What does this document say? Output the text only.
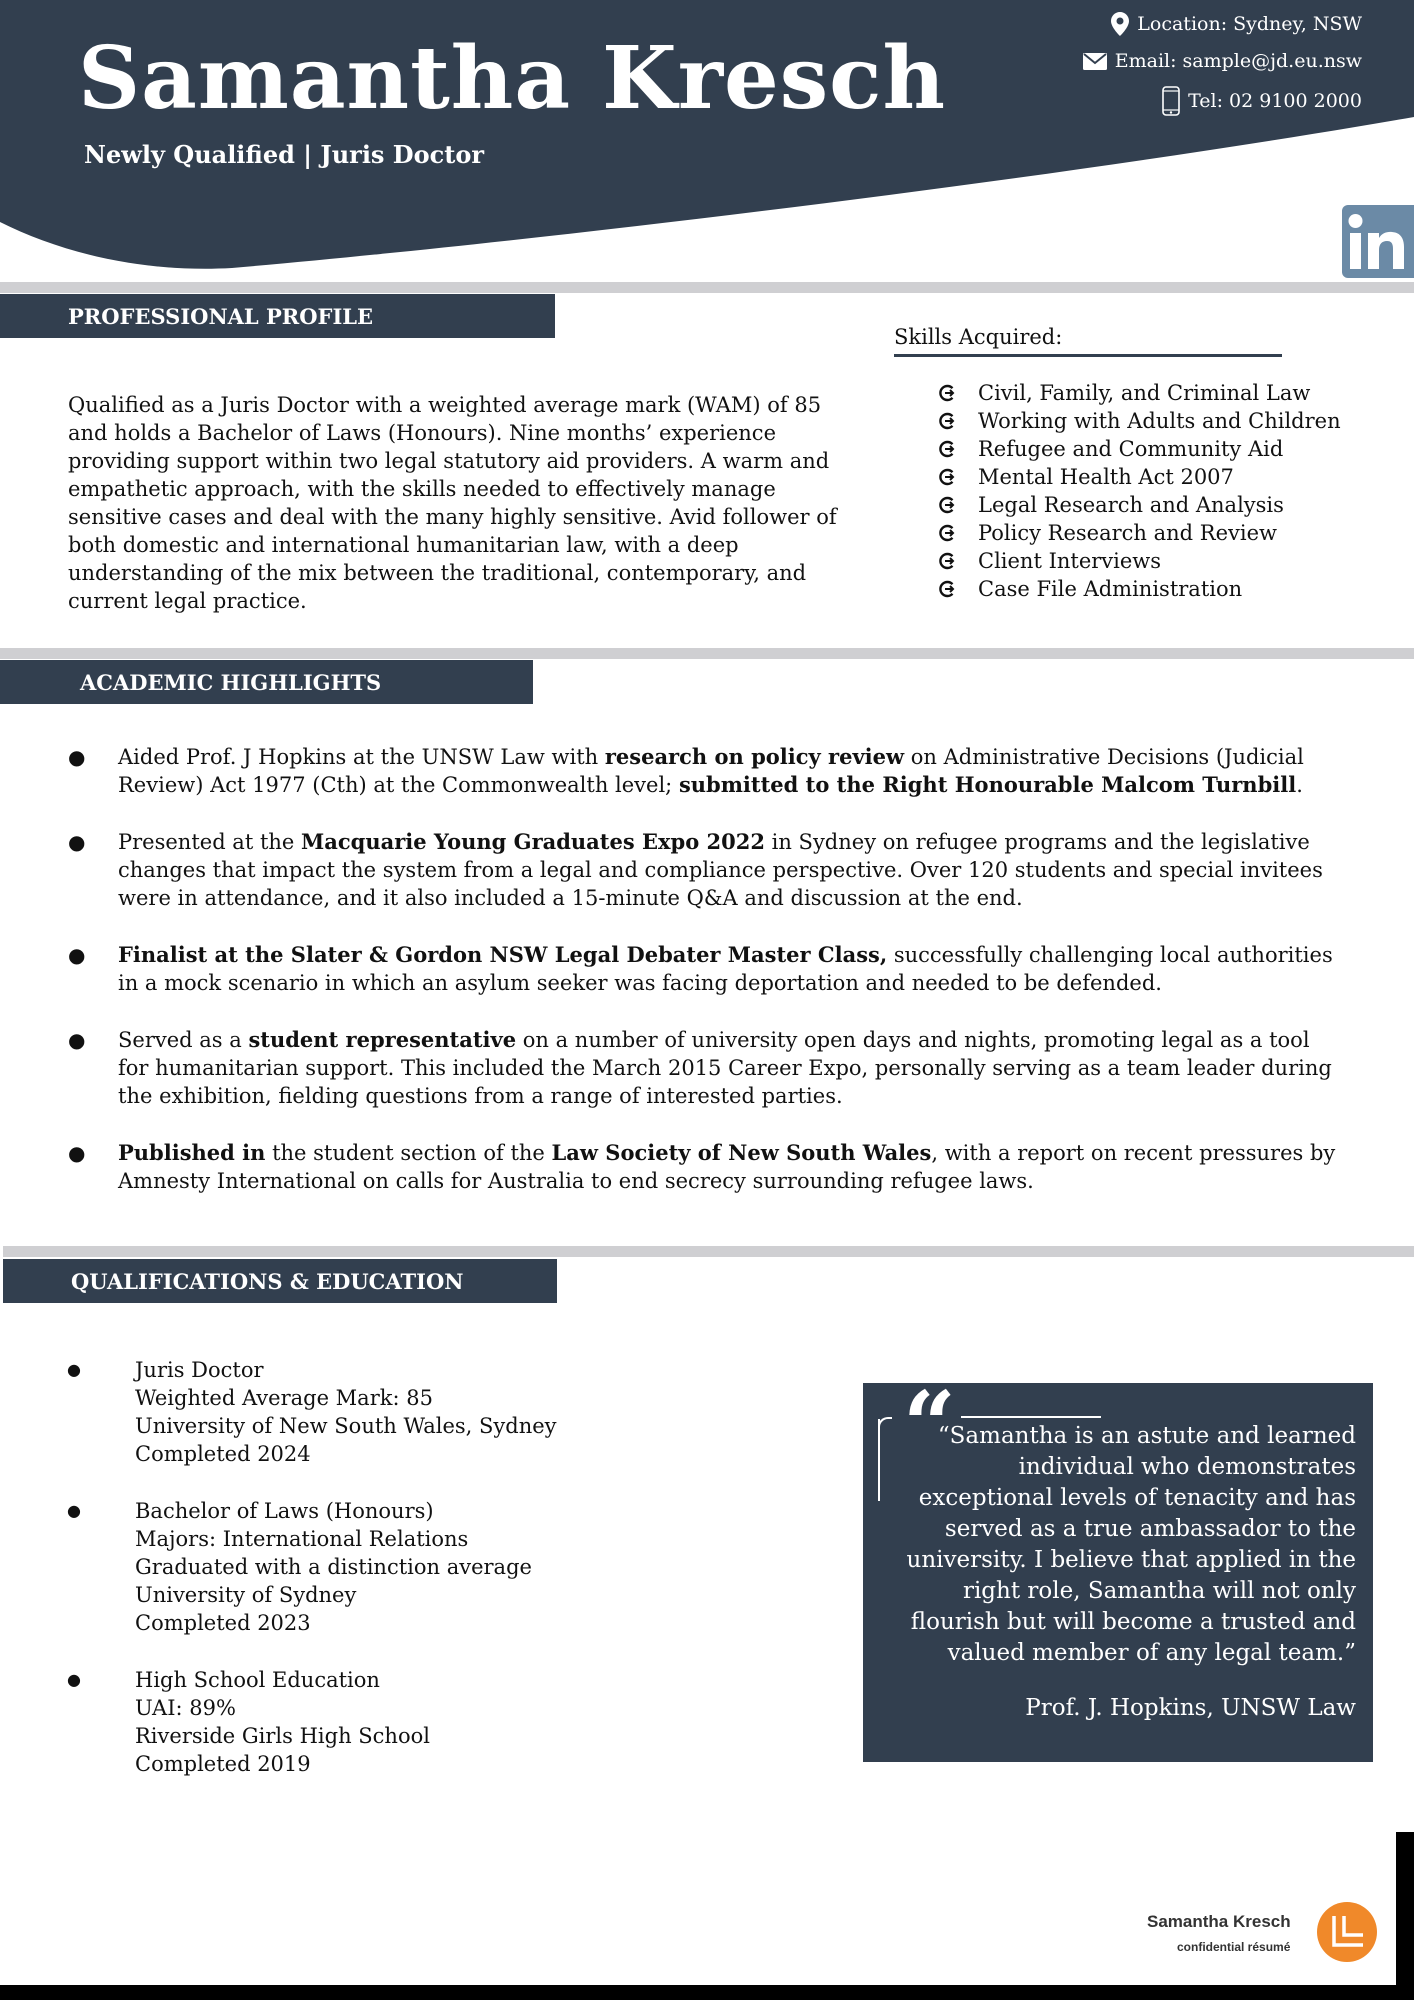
Samantha Kresch
Newly Qualified | Juris Doctor
Location: Sydney, NSW
Email: sample@jd.eu.nsw
Tel: 02 9100 2000
PROFESSIONAL PROFILE
Qualified as a Juris Doctor with a weighted average mark (WAM) of 85 and holds a Bachelor of Laws (Honours). Nine months’ experience providing support within two legal statutory aid providers. A warm and empathetic approach, with the skills needed to effectively manage sensitive cases and deal with the many highly sensitive. Avid follower of both domestic and international humanitarian law, with a deep understanding of the mix between the traditional, contemporary, and current legal practice.
Skills Acquired:
Civil, Family, and Criminal Law
Working with Adults and Children
Refugee and Community Aid
Mental Health Act 2007
Legal Research and Analysis
Policy Research and Review
Client Interviews
Case File Administration
ACADEMIC HIGHLIGHTS
● Aided Prof. J Hopkins at the UNSW Law with research on policy review on Administrative Decisions (Judicial Review) Act 1977 (Cth) at the Commonwealth level; submitted to the Right Honourable Malcom Turnbill.
● Presented at the Macquarie Young Graduates Expo 2022 in Sydney on refugee programs and the legislative changes that impact the system from a legal and compliance perspective. Over 120 students and special invitees were in attendance, and it also included a 15-minute Q&A and discussion at the end.
● Finalist at the Slater & Gordon NSW Legal Debater Master Class, successfully challenging local authorities in a mock scenario in which an asylum seeker was facing deportation and needed to be defended.
● Served as a student representative on a number of university open days and nights, promoting legal as a tool for humanitarian support. This included the March 2015 Career Expo, personally serving as a team leader during the exhibition, fielding questions from a range of interested parties.
● Published in the student section of the Law Society of New South Wales, with a report on recent pressures by Amnesty International on calls for Australia to end secrecy surrounding refugee laws.
QUALIFICATIONS & EDUCATION
●	Juris Doctor
Weighted Average Mark: 85
University of New South Wales, Sydney
Completed 2024
●	Bachelor of Laws (Honours)
Majors: International Relations
Graduated with a distinction average
University of Sydney
Completed 2023
●	High School Education
UAI: 89%
Riverside Girls High School
Completed 2019
“
“Samantha is an astute and learned individual who demonstrates exceptional levels of tenacity and has served as a true ambassador to the university. I believe that applied in the right role, Samantha will not only flourish but will become a trusted and valued member of any legal team.”
Prof. J. Hopkins, UNSW Law
Samantha Kresch
confidential résumé
